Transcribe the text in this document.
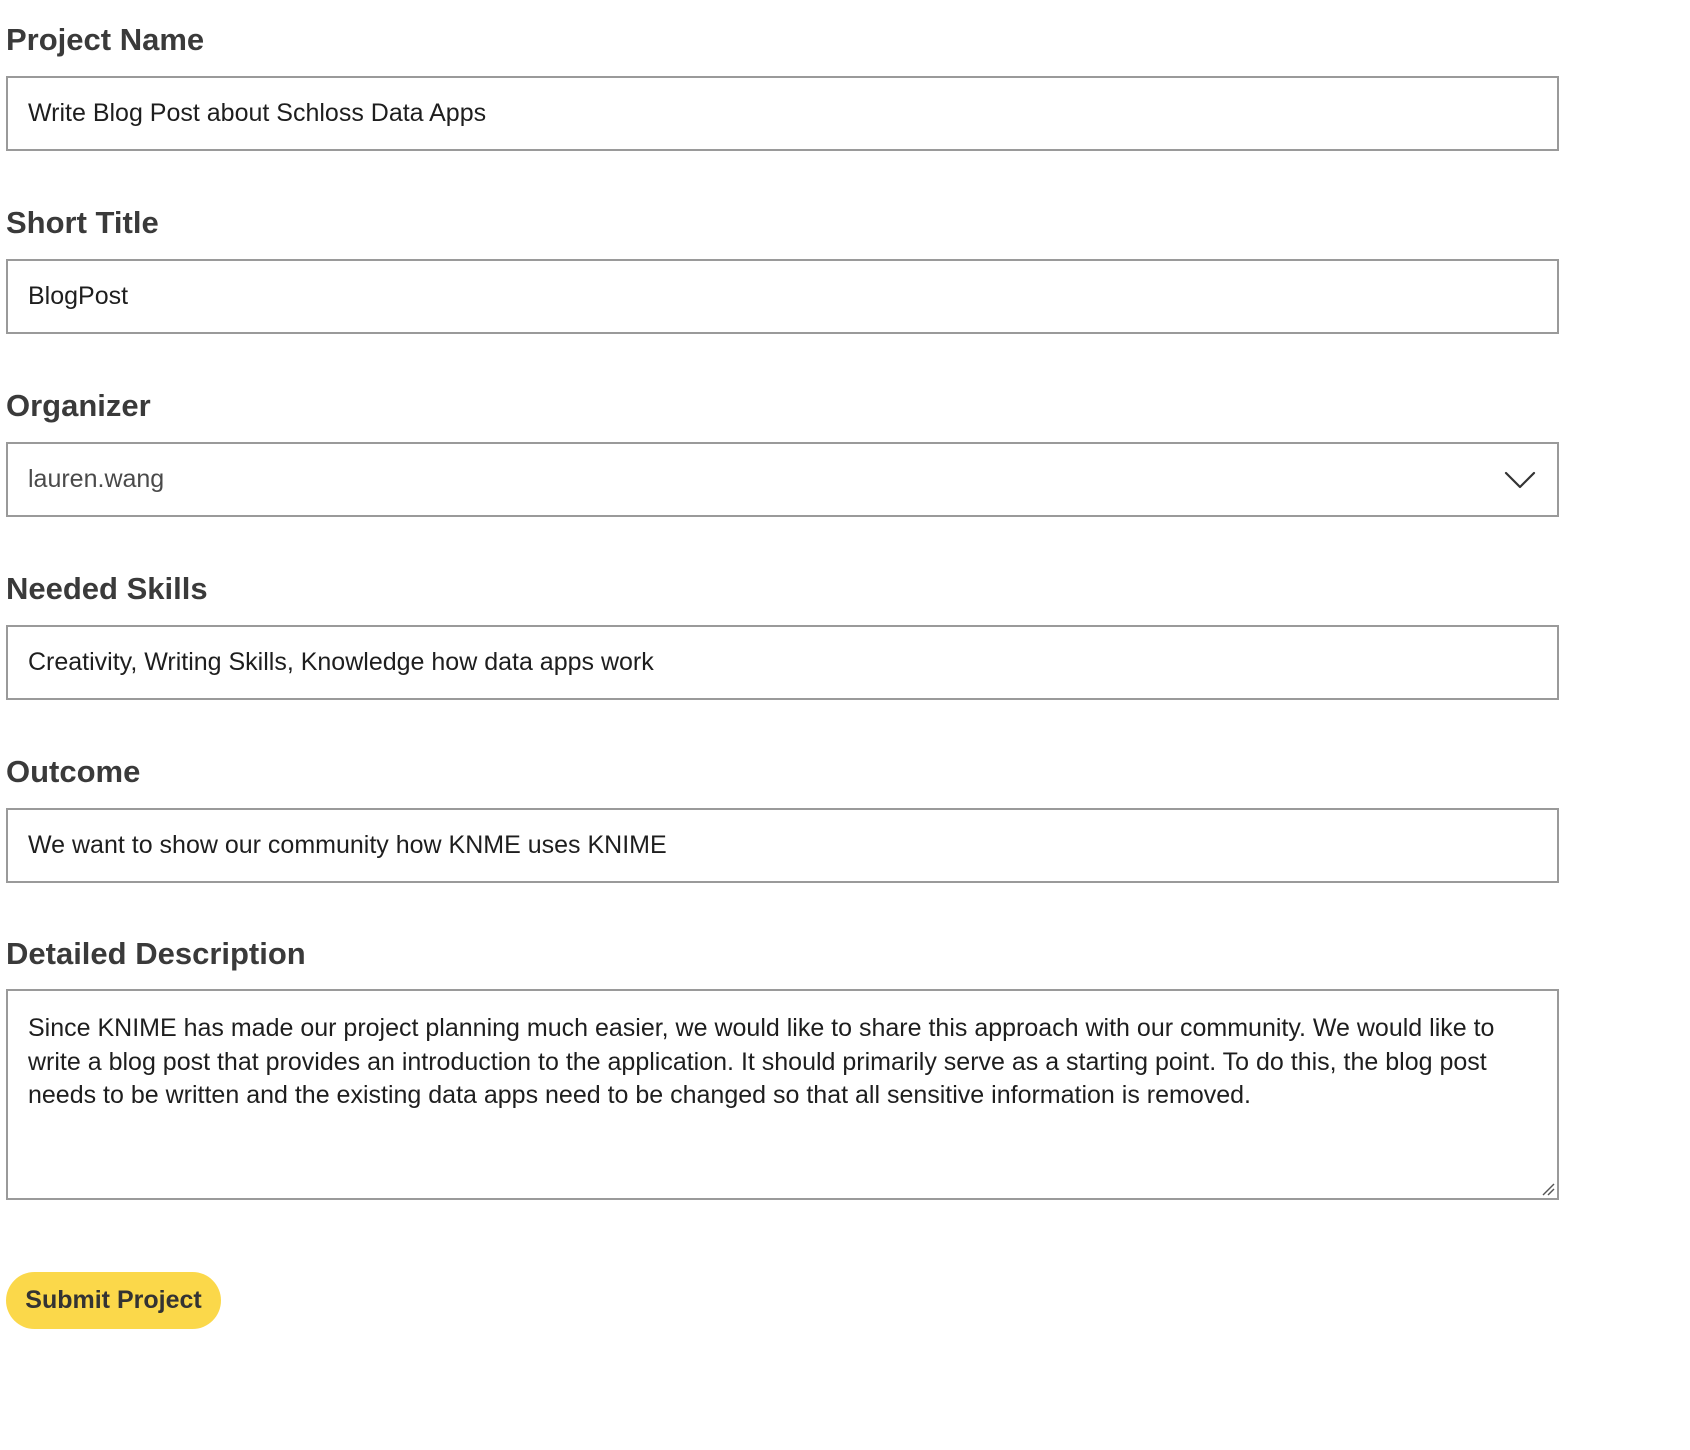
Project Name
Write Blog Post about Schloss Data Apps
Short Title
BlogPost
Organizer
lauren.wang
Needed Skills
Creativity, Writing Skills, Knowledge how data apps work
Outcome
We want to show our community how KNME uses KNIME
Detailed Description
Since KNIME has made our project planning much easier, we would like to share this approach with our community. We would like to write a blog post that provides an introduction to the application. It should primarily serve as a starting point. To do this, the blog post needs to be written and the existing data apps need to be changed so that all sensitive information is removed.
Submit Project
